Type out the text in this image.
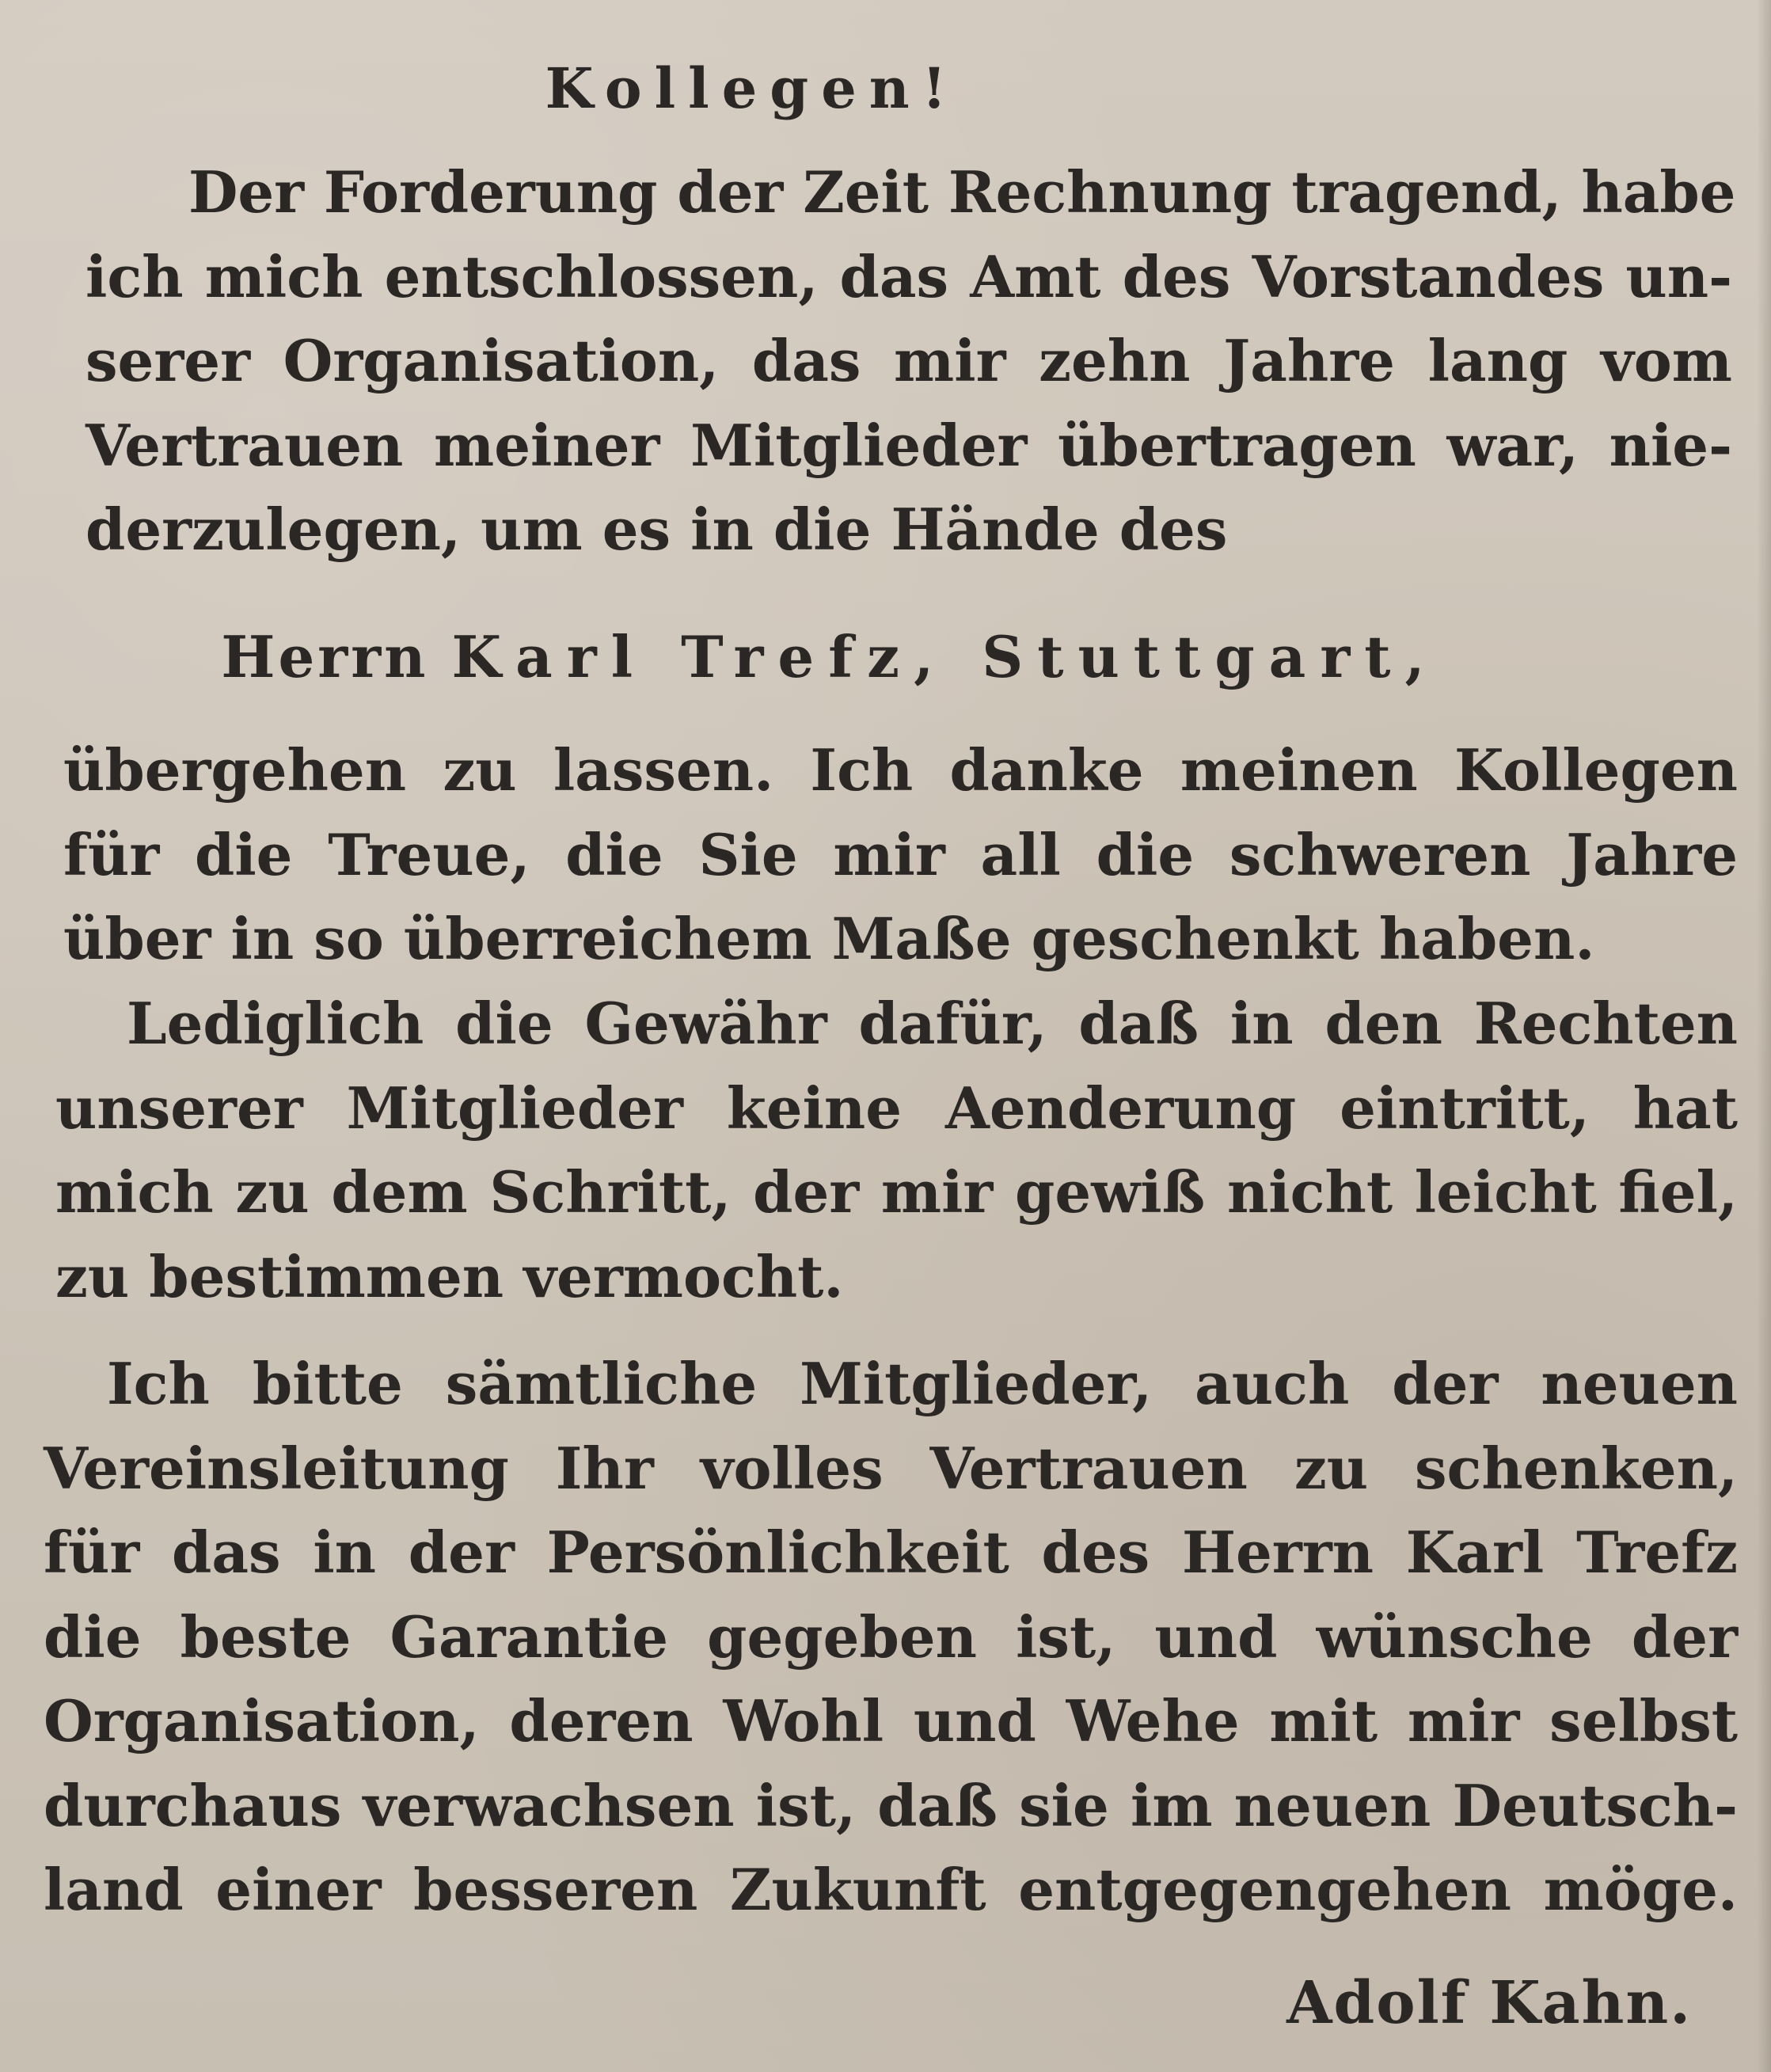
Kollegen!
Der Forderung der Zeit Rechnung tragend, habe
ich mich entschlossen, das Amt des Vorstandes un-
serer Organisation, das mir zehn Jahre lang vom
Vertrauen meiner Mitglieder übertragen war, nie-
derzulegen, um es in die Hände des
Herrn Karl Trefz, Stuttgart,
übergehen zu lassen. Ich danke meinen Kollegen
für die Treue, die Sie mir all die schweren Jahre
über in so überreichem Maße geschenkt haben.
Lediglich die Gewähr dafür, daß in den Rechten
unserer Mitglieder keine Aenderung eintritt, hat
mich zu dem Schritt, der mir gewiß nicht leicht fiel,
zu bestimmen vermocht.
Ich bitte sämtliche Mitglieder, auch der neuen
Vereinsleitung Ihr volles Vertrauen zu schenken,
für das in der Persönlichkeit des Herrn Karl Trefz
die beste Garantie gegeben ist, und wünsche der
Organisation, deren Wohl und Wehe mit mir selbst
durchaus verwachsen ist, daß sie im neuen Deutsch-
land einer besseren Zukunft entgegengehen möge.
Adolf Kahn.
